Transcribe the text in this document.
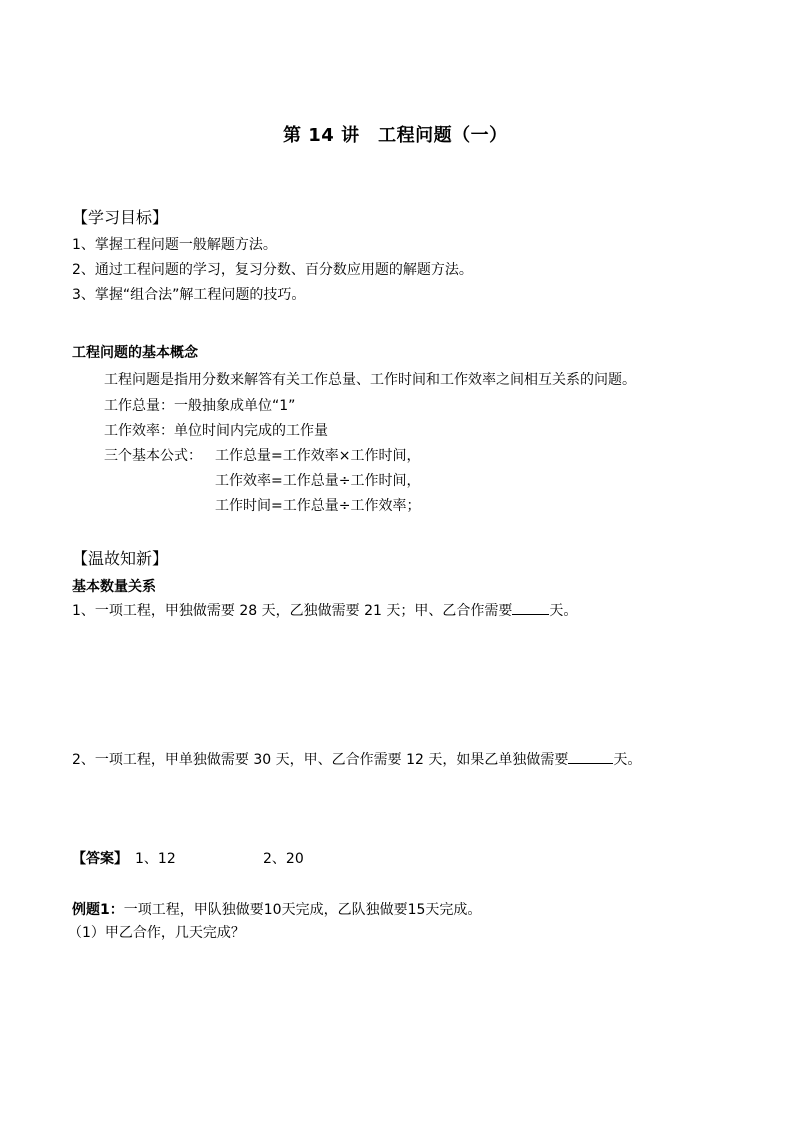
第 14 讲　工程问题（一）
【学习目标】
1、掌握工程问题一般解题方法。
2、通过工程问题的学习，复习分数、百分数应用题的解题方法。
3、掌握“组合法”解工程问题的技巧。
工程问题的基本概念
工程问题是指用分数来解答有关工作总量、工作时间和工作效率之间相互关系的问题。
工作总量：一般抽象成单位“1”
工作效率：单位时间内完成的工作量
三个基本公式： 工作总量=工作效率×工作时间，
工作效率=工作总量÷工作时间，
工作时间=工作总量÷工作效率；
【温故知新】
基本数量关系
1、一项工程，甲独做需要 28 天，乙独做需要 21 天；甲、乙合作需要	天。
2、一项工程，甲单独做需要 30 天，甲、乙合作需要 12 天，如果乙单独做需要	天。
【答案】 1、12	2、20
例题1：一项工程，甲队独做要10天完成，乙队独做要15天完成。
（1）甲乙合作，几天完成？
